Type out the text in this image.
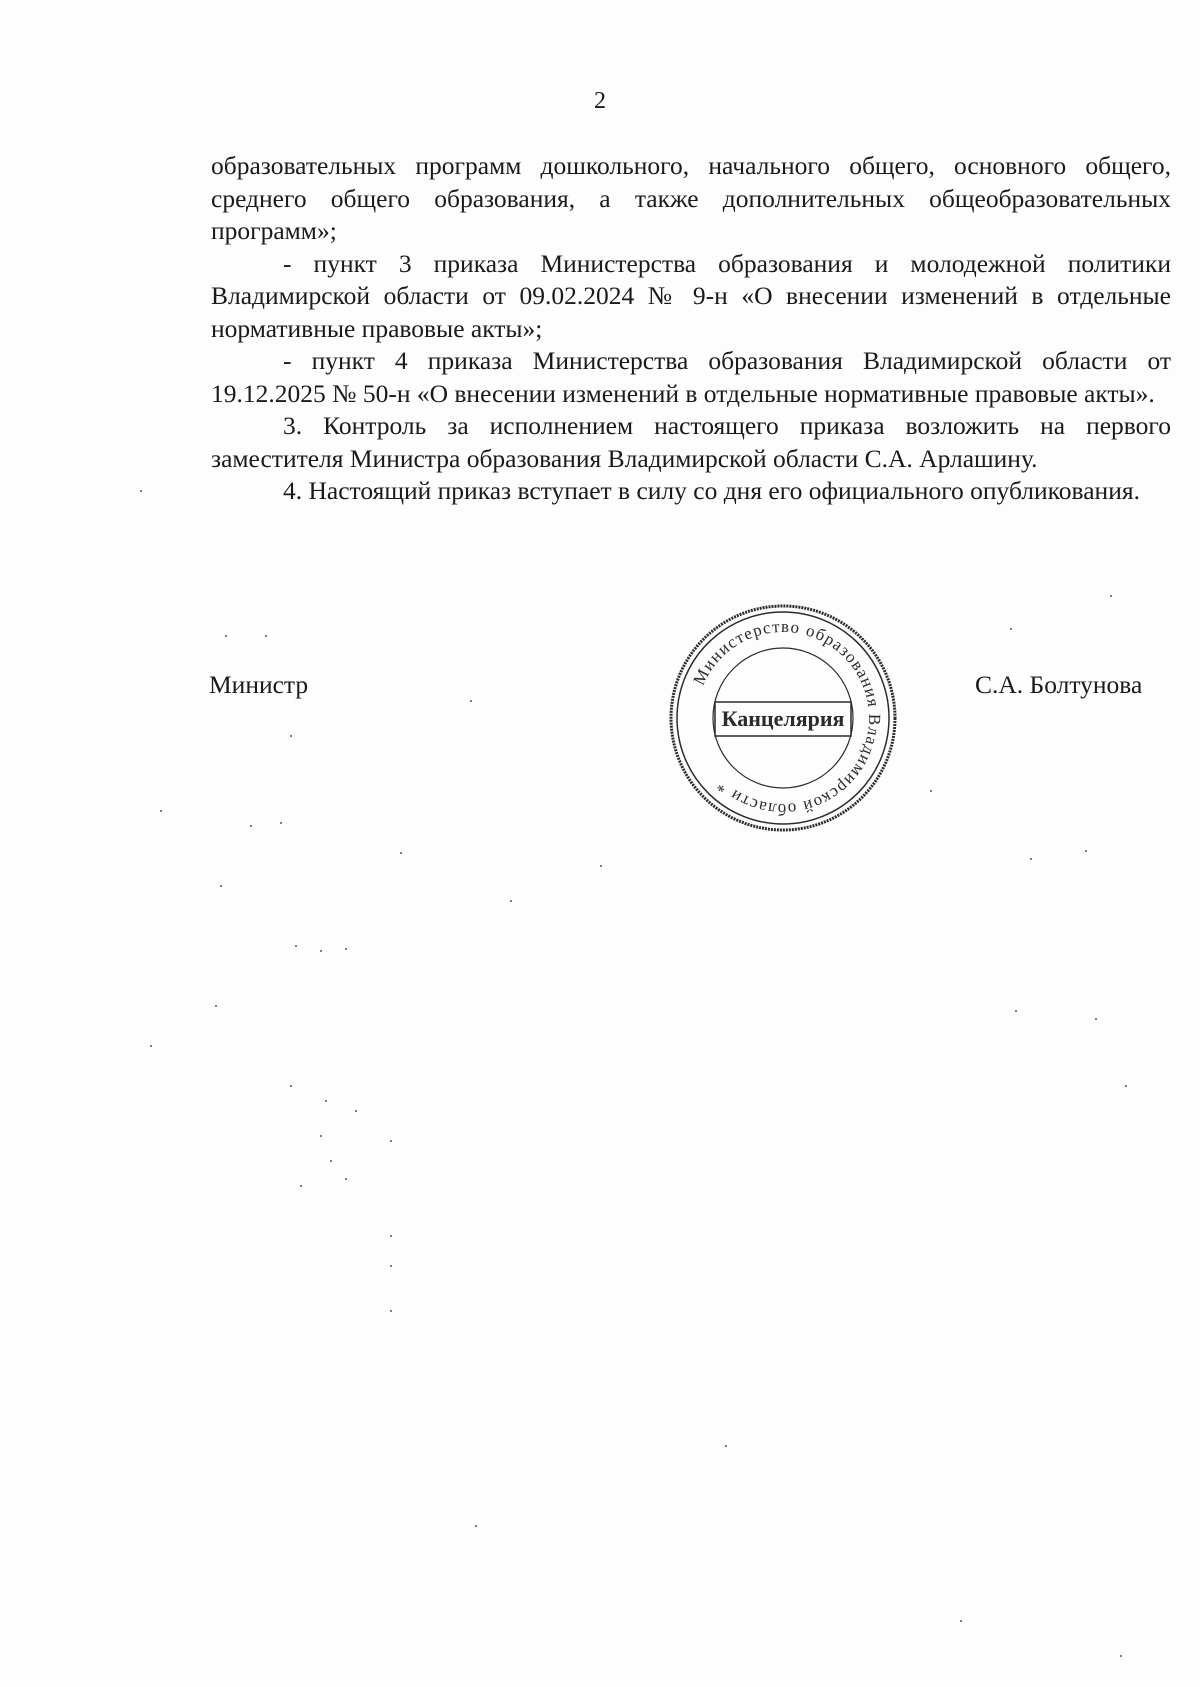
2

образовательных программ дошкольного, начального общего, основного общего, среднего общего образования, а также дополнительных общеобразовательных программ»;

- пункт 3 приказа Министерства образования и молодежной политики Владимирской области от 09.02.2024 № 9-н «О внесении изменений в отдельные нормативные правовые акты»;

- пункт 4 приказа Министерства образования Владимирской области от 19.12.2025 № 50-н «О внесении изменений в отдельные нормативные правовые акты».

3. Контроль за исполнением настоящего приказа возложить на первого заместителя Министра образования Владимирской области С.А. Арлашину.

4. Настоящий приказ вступает в силу со дня его официального опубликования.

Министр	С.А. Болтунова
Министерство образования Владимирской области *
Канцелярия
